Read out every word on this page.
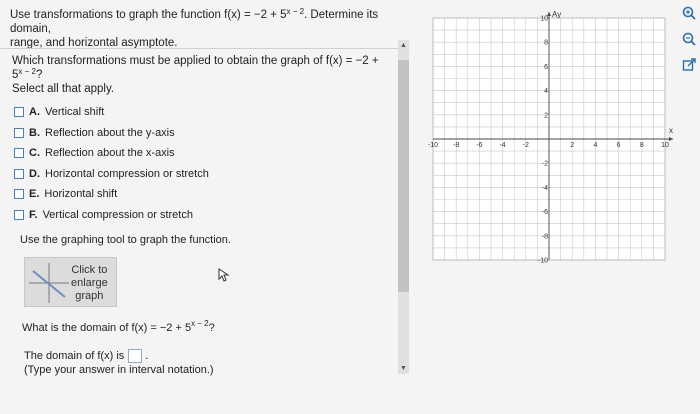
Use transformations to graph the function $f(x) = -2 + 5^{x - 2}$. Determine its domain,
range, and horizontal asymptote.
Which transformations must be applied to obtain the graph of $f(x) = -2 + 5^{x - 2}$?
Select all that apply.
A. Vertical shift
B. Reflection about the y-axis
C. Reflection about the x-axis
D. Horizontal compression or stretch
E. Horizontal shift
F. Vertical compression or stretch
Use the graphing tool to graph the function.
Click to
enlarge
graph
What is the domain of $f(x) = -2 + 5^{x - 2}$?
The domain of f(x) is .
(Type your answer in interval notation.)
▲
▼
x
Ay
-10 -8 -6 -4 -2	2	4	6	8 10
10
8
6
4
2
-2
-4
-6
-8
-10
